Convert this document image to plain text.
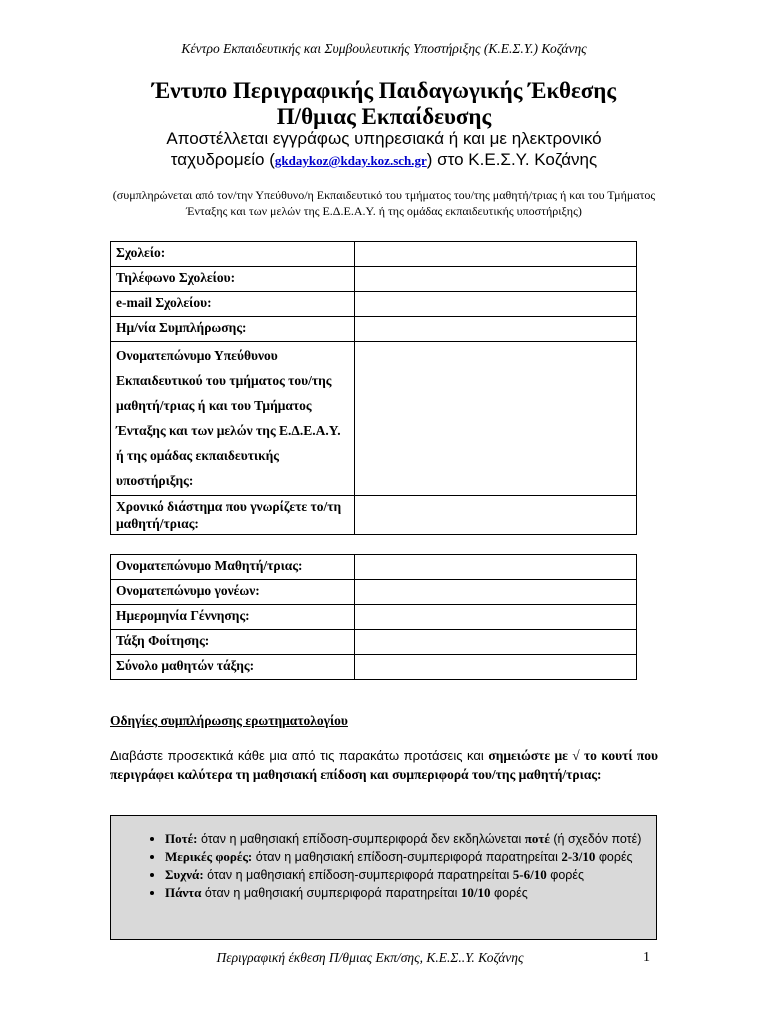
Κέντρο Εκπαιδευτικής και Συμβουλευτικής Υποστήριξης (Κ.Ε.Σ.Υ.) Κοζάνης
Έντυπο Περιγραφικής Παιδαγωγικής Έκθεσης
Π/θμιας Εκπαίδευσης
Αποστέλλεται εγγράφως υπηρεσιακά ή και με ηλεκτρονικό
ταχυδρομείο (gkdaykoz@kday.koz.sch.gr) στο Κ.Ε.Σ.Υ. Κοζάνης
(συμπληρώνεται από τον/την Υπεύθυνο/η Εκπαιδευτικό του τμήματος του/της μαθητή/τριας ή και του Τμήματος Ένταξης και των μελών της Ε.Δ.Ε.Α.Υ. ή της ομάδας εκπαιδευτικής υποστήριξης)
Σχολείο:	
Τηλέφωνο Σχολείου:	
e-mail Σχολείου:	
Ημ/νία Συμπλήρωσης:	
Ονοματεπώνυμο Υπεύθυνου Εκπαιδευτικού του τμήματος του/της μαθητή/τριας ή και του Τμήματος Ένταξης και των μελών της Ε.Δ.Ε.Α.Υ. ή της ομάδας εκπαιδευτικής υποστήριξης:	
Χρονικό διάστημα που γνωρίζετε το/τη μαθητή/τριας:	
Ονοματεπώνυμο Μαθητή/τριας:	
Ονοματεπώνυμο γονέων:	
Ημερομηνία Γέννησης:	
Τάξη Φοίτησης:	
Σύνολο μαθητών τάξης:	
Οδηγίες συμπλήρωσης ερωτηματολογίου
Διαβάστε προσεκτικά κάθε μια από τις παρακάτω προτάσεις και σημειώστε με √ το κουτί που περιγράφει καλύτερα τη μαθησιακή επίδοση και συμπεριφορά του/της μαθητή/τριας:
• Ποτέ: όταν η μαθησιακή επίδοση-συμπεριφορά δεν εκδηλώνεται ποτέ (ή σχεδόν ποτέ)
• Μερικές φορές: όταν η μαθησιακή επίδοση-συμπεριφορά παρατηρείται 2-3/10 φορές
• Συχνά: όταν η μαθησιακή επίδοση-συμπεριφορά παρατηρείται 5-6/10 φορές
• Πάντα όταν η μαθησιακή συμπεριφορά παρατηρείται 10/10 φορές
Περιγραφική έκθεση Π/θμιας Εκπ/σης, Κ.Ε.Σ..Υ. Κοζάνης	1
